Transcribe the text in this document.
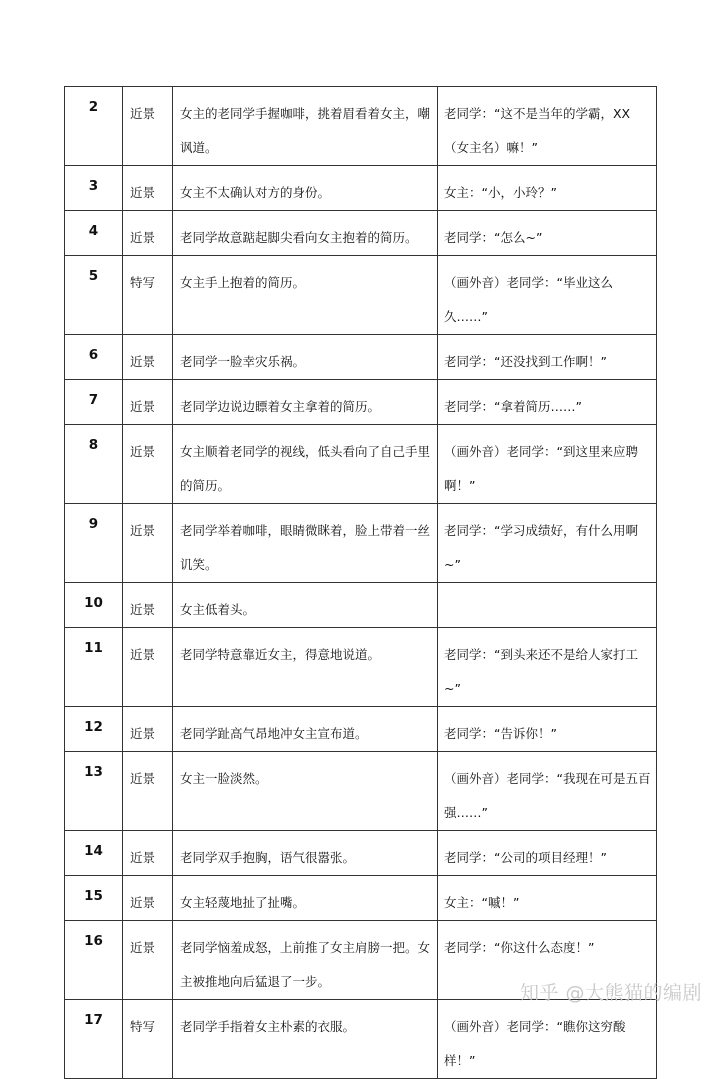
2	近景	女主的老同学手握咖啡，挑着眉看着女主，嘲讽道。	老同学：“这不是当年的学霸，XX（女主名）嘛！”
3	近景	女主不太确认对方的身份。	女主：“小，小玲？”
4	近景	老同学故意踮起脚尖看向女主抱着的简历。	老同学：“怎么~”
5	特写	女主手上抱着的简历。	（画外音）老同学：“毕业这么久……”
6	近景	老同学一脸幸灾乐祸。	老同学：“还没找到工作啊！”
7	近景	老同学边说边瞟着女主拿着的简历。	老同学：“拿着简历……”
8	近景	女主顺着老同学的视线，低头看向了自己手里的简历。	（画外音）老同学：“到这里来应聘啊！”
9	近景	老同学举着咖啡，眼睛微眯着，脸上带着一丝讥笑。	老同学：“学习成绩好，有什么用啊~”
10	近景	女主低着头。	
11	近景	老同学特意靠近女主，得意地说道。	老同学：“到头来还不是给人家打工~”
12	近景	老同学趾高气昂地冲女主宣布道。	老同学：“告诉你！”
13	近景	女主一脸淡然。	（画外音）老同学：“我现在可是五百强……”
14	近景	老同学双手抱胸，语气很嚣张。	老同学：“公司的项目经理！”
15	近景	女主轻蔑地扯了扯嘴。	女主：“嘁！”
16	近景	老同学恼羞成怒，上前推了女主肩膀一把。女主被推地向后猛退了一步。	老同学：“你这什么态度！”
17	特写	老同学手指着女主朴素的衣服。	（画外音）老同学：“瞧你这穷酸样！”
知乎 @大熊猫的编剧
